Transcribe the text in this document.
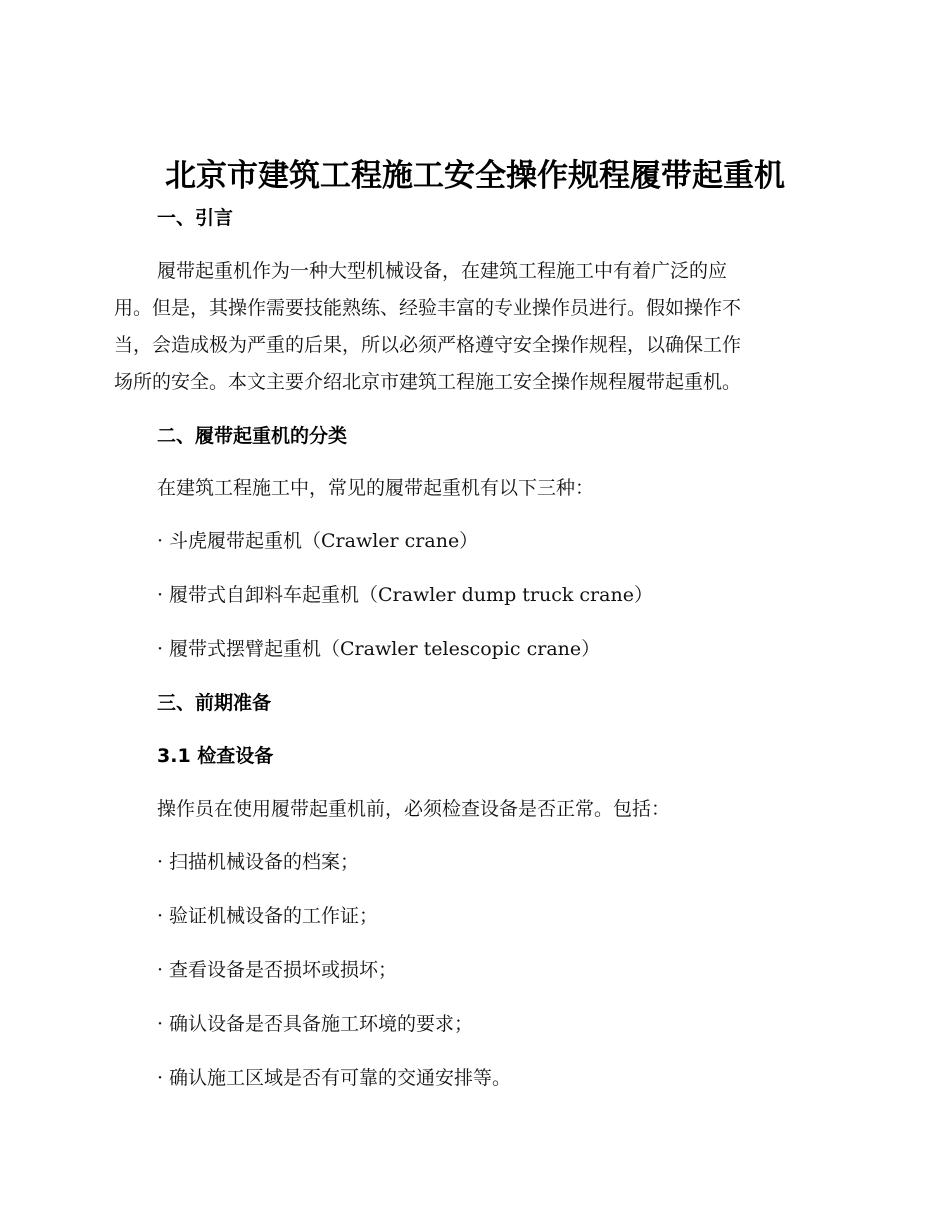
北京市建筑工程施工安全操作规程履带起重机
一、引言
履带起重机作为一种大型机械设备，在建筑工程施工中有着广泛的应
用。但是，其操作需要技能熟练、经验丰富的专业操作员进行。假如操作不
当，会造成极为严重的后果，所以必须严格遵守安全操作规程，以确保工作
场所的安全。本文主要介绍北京市建筑工程施工安全操作规程履带起重机。
二、履带起重机的分类
在建筑工程施工中，常见的履带起重机有以下三种：
· 斗虎履带起重机（Crawler crane）
· 履带式自卸料车起重机（Crawler dump truck crane）
· 履带式摆臂起重机（Crawler telescopic crane）
三、前期准备
3.1 检查设备
操作员在使用履带起重机前，必须检查设备是否正常。包括：
· 扫描机械设备的档案；
· 验证机械设备的工作证；
· 查看设备是否损坏或损坏；
· 确认设备是否具备施工环境的要求；
· 确认施工区域是否有可靠的交通安排等。
